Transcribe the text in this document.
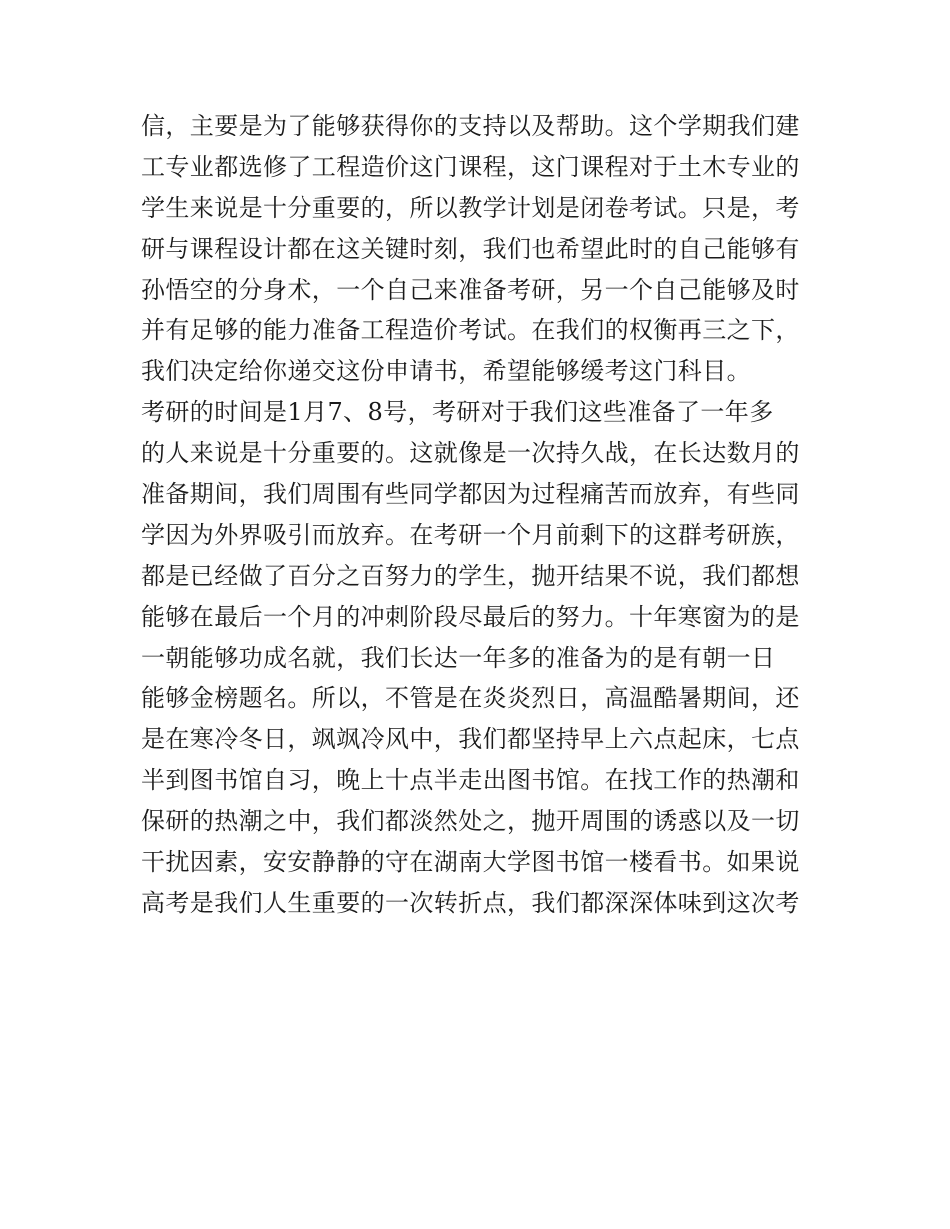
信，主要是为了能够获得你的支持以及帮助。这个学期我们建
工专业都选修了工程造价这门课程，这门课程对于土木专业的
学生来说是十分重要的，所以教学计划是闭卷考试。只是，考
研与课程设计都在这关键时刻，我们也希望此时的自己能够有
孙悟空的分身术，一个自己来准备考研，另一个自己能够及时
并有足够的能力准备工程造价考试。在我们的权衡再三之下，
我们决定给你递交这份申请书，希望能够缓考这门科目。
考研的时间是1月7、8号，考研对于我们这些准备了一年多
的人来说是十分重要的。这就像是一次持久战，在长达数月的
准备期间，我们周围有些同学都因为过程痛苦而放弃，有些同
学因为外界吸引而放弃。在考研一个月前剩下的这群考研族，
都是已经做了百分之百努力的学生，抛开结果不说，我们都想
能够在最后一个月的冲刺阶段尽最后的努力。十年寒窗为的是
一朝能够功成名就，我们长达一年多的准备为的是有朝一日
能够金榜题名。所以，不管是在炎炎烈日，高温酷暑期间，还
是在寒冷冬日，飒飒冷风中，我们都坚持早上六点起床，七点
半到图书馆自习，晚上十点半走出图书馆。在找工作的热潮和
保研的热潮之中，我们都淡然处之，抛开周围的诱惑以及一切
干扰因素，安安静静的守在湖南大学图书馆一楼看书。如果说
高考是我们人生重要的一次转折点，我们都深深体味到这次考
